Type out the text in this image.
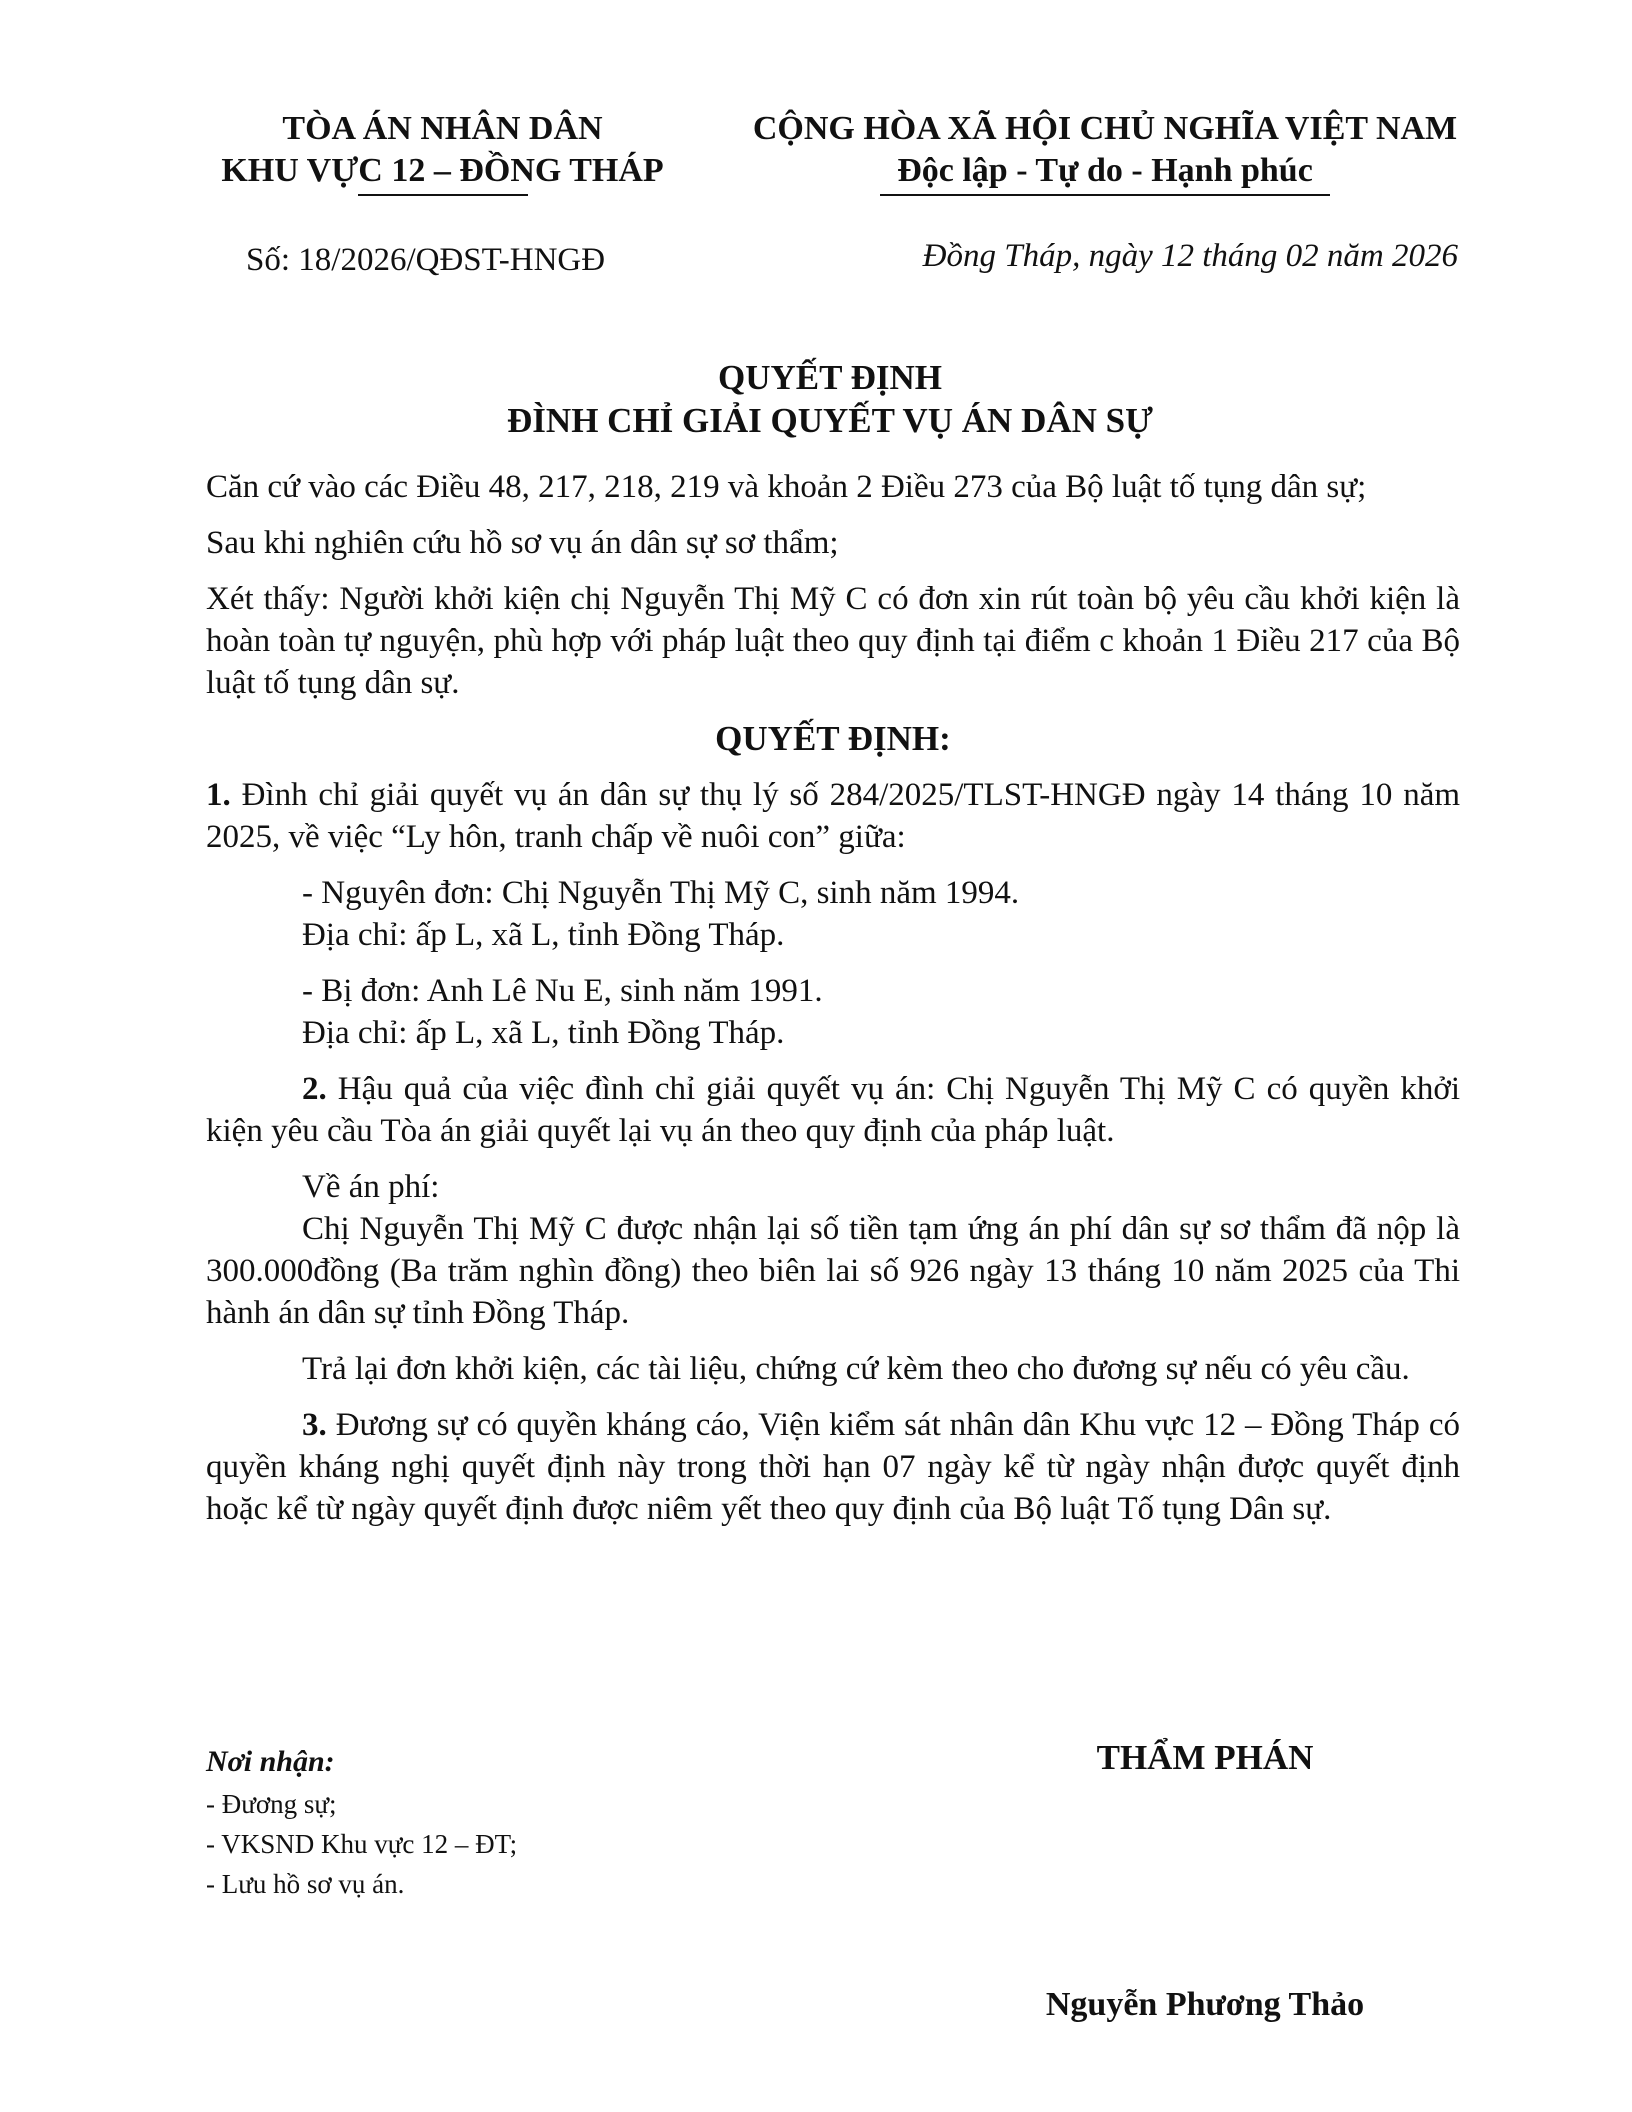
TÒA ÁN NHÂN DÂN
KHU VỰC 12 – ĐỒNG THÁP
CỘNG HÒA XÃ HỘI CHỦ NGHĨA VIỆT NAM
Độc lập - Tự do - Hạnh phúc
Số: 18/2026/QĐST-HNGĐ	Đồng Tháp, ngày 12 tháng 02 năm 2026
QUYẾT ĐỊNH
ĐÌNH CHỈ GIẢI QUYẾT VỤ ÁN DÂN SỰ

Căn cứ vào các Điều 48, 217, 218, 219 và khoản 2 Điều 273 của Bộ luật tố tụng dân sự;

Sau khi nghiên cứu hồ sơ vụ án dân sự sơ thẩm;

Xét thấy: Người khởi kiện chị Nguyễn Thị Mỹ C có đơn xin rút toàn bộ yêu cầu khởi kiện là hoàn toàn tự nguyện, phù hợp với pháp luật theo quy định tại điểm c khoản 1 Điều 217 của Bộ luật tố tụng dân sự.

QUYẾT ĐỊNH:

1. Đình chỉ giải quyết vụ án dân sự thụ lý số 284/2025/TLST-HNGĐ ngày 14 tháng 10 năm 2025, về việc “Ly hôn, tranh chấp về nuôi con” giữa:

- Nguyên đơn: Chị Nguyễn Thị Mỹ C, sinh năm 1994.

Địa chỉ: ấp L, xã L, tỉnh Đồng Tháp.

- Bị đơn: Anh Lê Nu E, sinh năm 1991.

Địa chỉ: ấp L, xã L, tỉnh Đồng Tháp.

2. Hậu quả của việc đình chỉ giải quyết vụ án: Chị Nguyễn Thị Mỹ C có quyền khởi kiện yêu cầu Tòa án giải quyết lại vụ án theo quy định của pháp luật.

Về án phí:

Chị Nguyễn Thị Mỹ C được nhận lại số tiền tạm ứng án phí dân sự sơ thẩm đã nộp là 300.000đồng (Ba trăm nghìn đồng) theo biên lai số 926 ngày 13 tháng 10 năm 2025 của Thi hành án dân sự tỉnh Đồng Tháp.

Trả lại đơn khởi kiện, các tài liệu, chứng cứ kèm theo cho đương sự nếu có yêu cầu.

3. Đương sự có quyền kháng cáo, Viện kiểm sát nhân dân Khu vực 12 – Đồng Tháp có quyền kháng nghị quyết định này trong thời hạn 07 ngày kể từ ngày nhận được quyết định hoặc kể từ ngày quyết định được niêm yết theo quy định của Bộ luật Tố tụng Dân sự.

Nơi nhận:
- Đương sự;
- VKSND Khu vực 12 – ĐT;
- Lưu hồ sơ vụ án.
THẨM PHÁN
Nguyễn Phương Thảo
